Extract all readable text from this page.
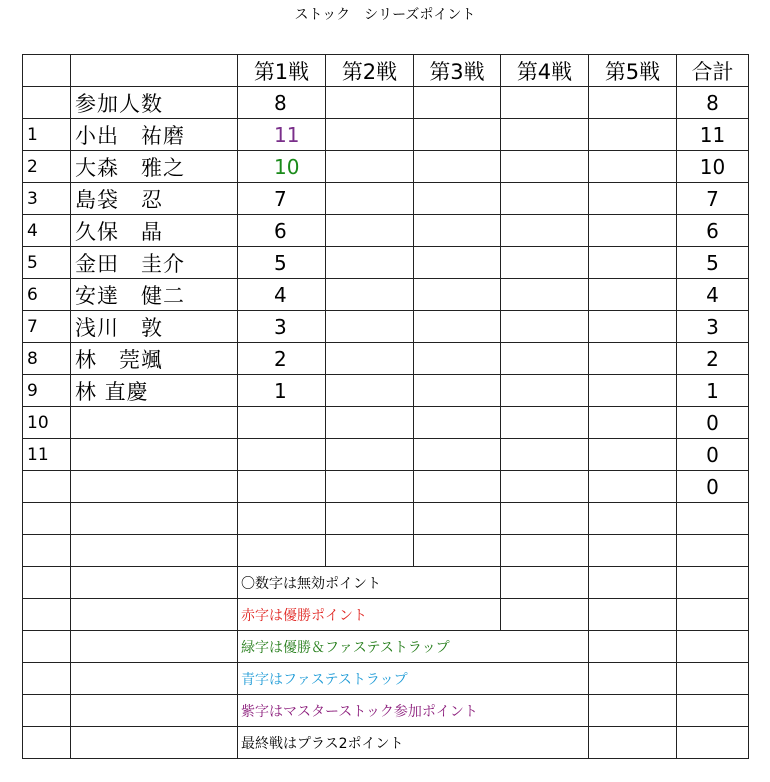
ストック　シリーズポイント
		第1戦	第2戦	第3戦	第4戦	第5戦	合計
	参加人数	8					8
1	小出　祐磨	11					11
2	大森　雅之	10					10
3	島袋　忍	7					7
4	久保　晶	6					6
5	金田　圭介	5					5
6	安達　健二	4					4
7	浅川　敦	3					3
8	林　莞颯	2					2
9	林 直慶	1					1
10							0
11							0
							0

		〇数字は無効ポイント					
		赤字は優勝ポイント					
		緑字は優勝＆ファステストラップ					
		青字はファステストラップ					
		紫字はマスターストック参加ポイント					
		最終戦はプラス2ポイント					
